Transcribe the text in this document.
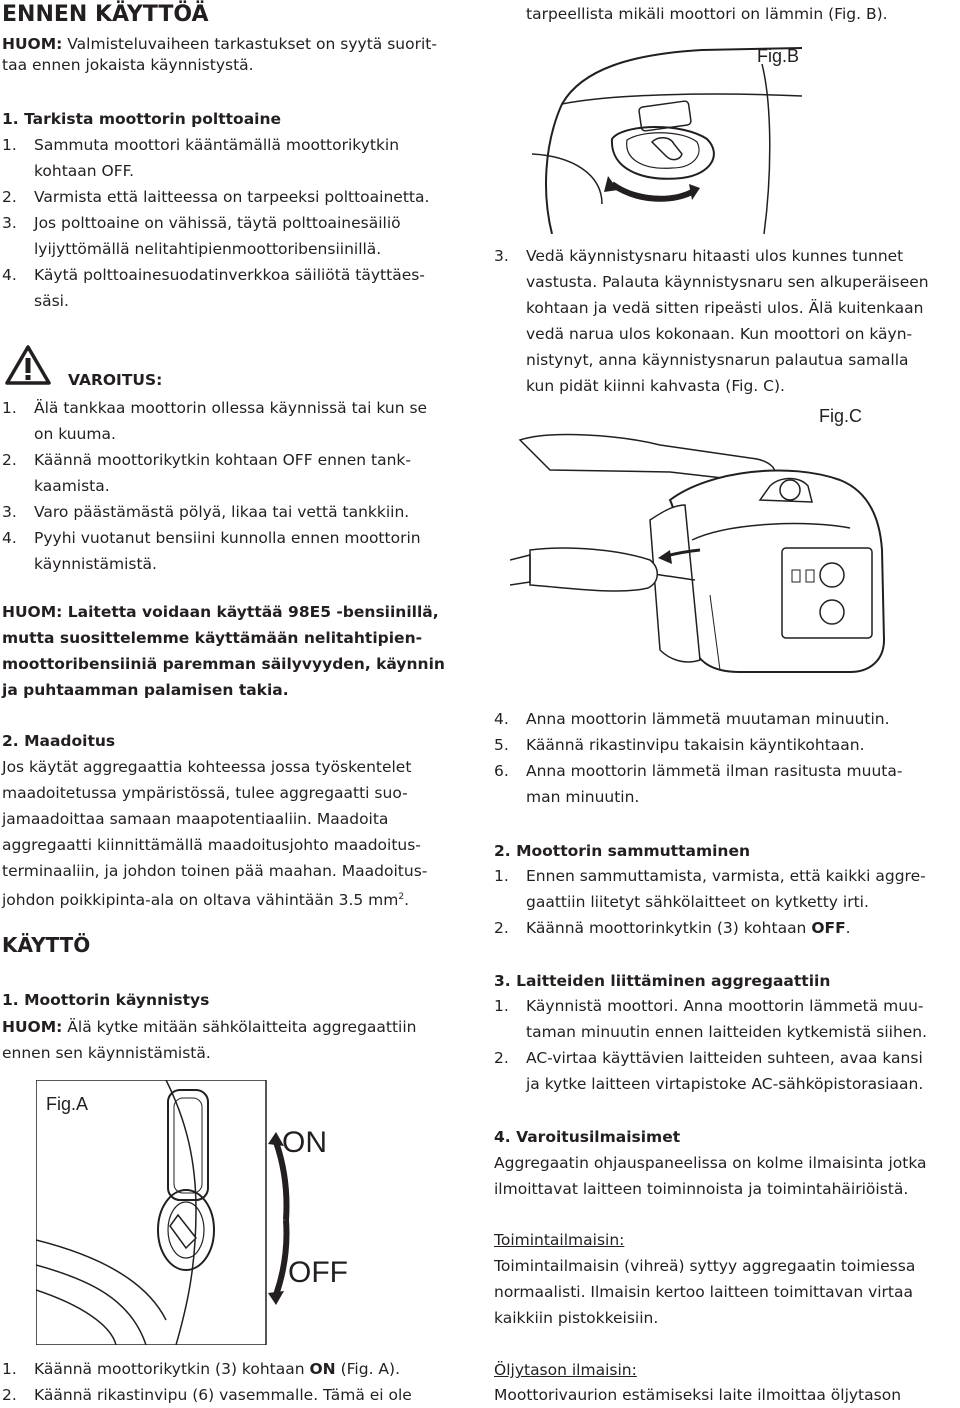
ENNEN KÄYTTÖÄ
HUOM: Valmisteluvaiheen tarkastukset on syytä suorit-
taa ennen jokaista käynnistystä.
1. Tarkista moottorin polttoaine
1. Sammuta moottori kääntämällä moottorikytkin
kohtaan OFF.
2. Varmista että laitteessa on tarpeeksi polttoainetta.
3. Jos polttoaine on vähissä, täytä polttoainesäiliö
lyijyttömällä nelitahtipienmoottoribensiinillä.
4. Käytä polttoainesuodatinverkkoa säiliötä täyttäes-
säsi.
VAROITUS:
1. Älä tankkaa moottorin ollessa käynnissä tai kun se
on kuuma.
2. Käännä moottorikytkin kohtaan OFF ennen tank-
kaamista.
3. Varo päästämästä pölyä, likaa tai vettä tankkiin.
4. Pyyhi vuotanut bensiini kunnolla ennen moottorin
käynnistämistä.
HUOM: Laitetta voidaan käyttää 98E5 -bensiinillä,
mutta suosittelemme käyttämään nelitahtipien-
moottoribensiiniä paremman säilyvyyden, käynnin
ja puhtaamman palamisen takia.
2. Maadoitus
Jos käytät aggregaattia kohteessa jossa työskentelet
maadoitetussa ympäristössä, tulee aggregaatti suo-
jamaadoittaa samaan maapotentiaaliin. Maadoita
aggregaatti kiinnittämällä maadoitusjohto maadoitus-
terminaaliin, ja johdon toinen pää maahan. Maadoitus-
johdon poikkipinta-ala on oltava vähintään 3.5 $mm^2$.
KÄYTTÖ
1. Moottorin käynnistys
HUOM: Älä kytke mitään sähkölaitteita aggregaattiin
ennen sen käynnistämistä.
Fig.A
ON
OFF
1. Käännä moottorikytkin (3) kohtaan ON (Fig. A).
2. Käännä rikastinvipu (6) vasemmalle. Tämä ei ole
tarpeellista mikäli moottori on lämmin (Fig. B).
Fig.B
3. Vedä käynnistysnaru hitaasti ulos kunnes tunnet
vastusta. Palauta käynnistysnaru sen alkuperäiseen
kohtaan ja vedä sitten ripeästi ulos. Älä kuitenkaan
vedä narua ulos kokonaan. Kun moottori on käyn-
nistynyt, anna käynnistysnarun palautua samalla
kun pidät kiinni kahvasta (Fig. C).
Fig.C
4. Anna moottorin lämmetä muutaman minuutin.
5. Käännä rikastinvipu takaisin käyntikohtaan.
6. Anna moottorin lämmetä ilman rasitusta muuta-
man minuutin.
2. Moottorin sammuttaminen
1. Ennen sammuttamista, varmista, että kaikki aggre-
gaattiin liitetyt sähkölaitteet on kytketty irti.
2. Käännä moottorinkytkin (3) kohtaan OFF.
3. Laitteiden liittäminen aggregaattiin
1. Käynnistä moottori. Anna moottorin lämmetä muu-
taman minuutin ennen laitteiden kytkemistä siihen.
2. AC-virtaa käyttävien laitteiden suhteen, avaa kansi
ja kytke laitteen virtapistoke AC-sähköpistorasiaan.
4. Varoitusilmaisimet
Aggregaatin ohjauspaneelissa on kolme ilmaisinta jotka
ilmoittavat laitteen toiminnoista ja toimintahäiriöistä.
Toimintailmaisin:
Toimintailmaisin (vihreä) syttyy aggregaatin toimiessa
normaalisti. Ilmaisin kertoo laitteen toimittavan virtaa
kaikkiin pistokkeisiin.
Öljytason ilmaisin:
Moottorivaurion estämiseksi laite ilmoittaa öljytason
